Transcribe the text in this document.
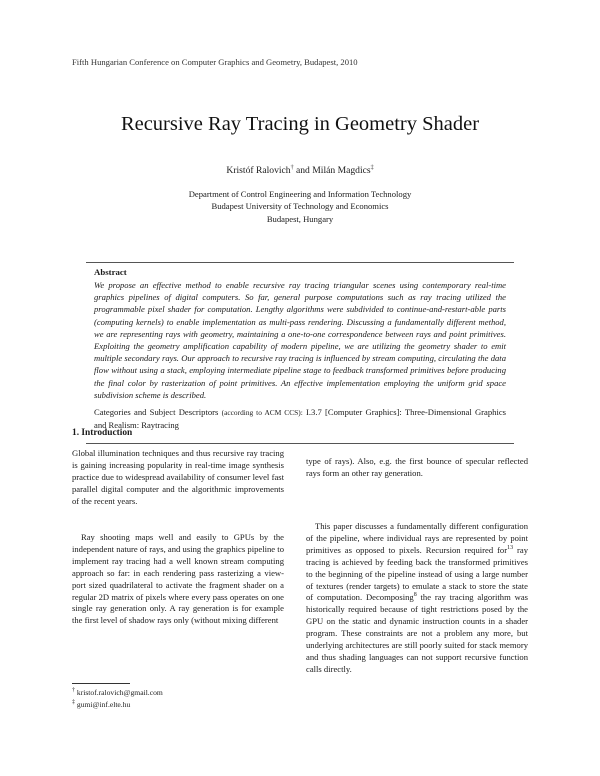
Fifth Hungarian Conference on Computer Graphics and Geometry, Budapest, 2010
Recursive Ray Tracing in Geometry Shader
Kristóf Ralovich† and Milán Magdics‡
Department of Control Engineering and Information Technology
Budapest University of Technology and Economics
Budapest, Hungary
Abstract
We propose an effective method to enable recursive ray tracing triangular scenes using contemporary real-time graphics pipelines of digital computers. So far, general purpose computations such as ray tracing utilized the programmable pixel shader for computation. Lengthy algorithms were subdivided to continue-and-restart-able parts (computing kernels) to enable implementation as multi-pass rendering. Discussing a fundamentally different method, we are representing rays with geometry, maintaining a one-to-one correspondence between rays and point primitives. Exploiting the geometry amplification capability of modern pipeline, we are utilizing the geometry shader to emit multiple secondary rays. Our approach to recursive ray tracing is influenced by stream computing, circulating the data flow without using a stack, employing intermediate pipeline stage to feedback transformed primitives before producing the final color by rasterization of point primitives. An effective implementation employing the uniform grid space subdivision scheme is described.
Categories and Subject Descriptors (according to ACM CCS): I.3.7 [Computer Graphics]: Three-Dimensional Graphics and Realism: Raytracing
1. Introduction

Global illumination techniques and thus recursive ray tracing is gaining increasing popularity in real-time image synthesis practice due to widespread availability of consumer level fast parallel digital computer and the algorithmic improvements of the recent years.

Ray shooting maps well and easily to GPUs by the independent nature of rays, and using the graphics pipeline to implement ray tracing had a well known stream computing approach so far: in each rendering pass rasterizing a view-port sized quadrilateral to activate the fragment shader on a regular 2D matrix of pixels where every pass operates on one single ray generation only. A ray generation is for example the first level of shadow rays only (without mixing different

type of rays). Also, e.g. the first bounce of specular reflected rays form an other ray generation.

This paper discusses a fundamentally different configuration of the pipeline, where individual rays are represented by point primitives as opposed to pixels. Recursion required for$^{13}$ ray tracing is achieved by feeding back the transformed primitives to the beginning of the pipeline instead of using a large number of textures (render targets) to emulate a stack to store the state of computation. Decomposing$^8$ the ray tracing algorithm was historically required because of tight restrictions posed by the GPU on the static and dynamic instruction counts in a shader program. These constraints are not a problem any more, but underlying architectures are still poorly suited for stack memory and thus shading languages can not support recursive function calls directly.

† kristof.ralovich@gmail.com
‡ gumi@inf.elte.hu
